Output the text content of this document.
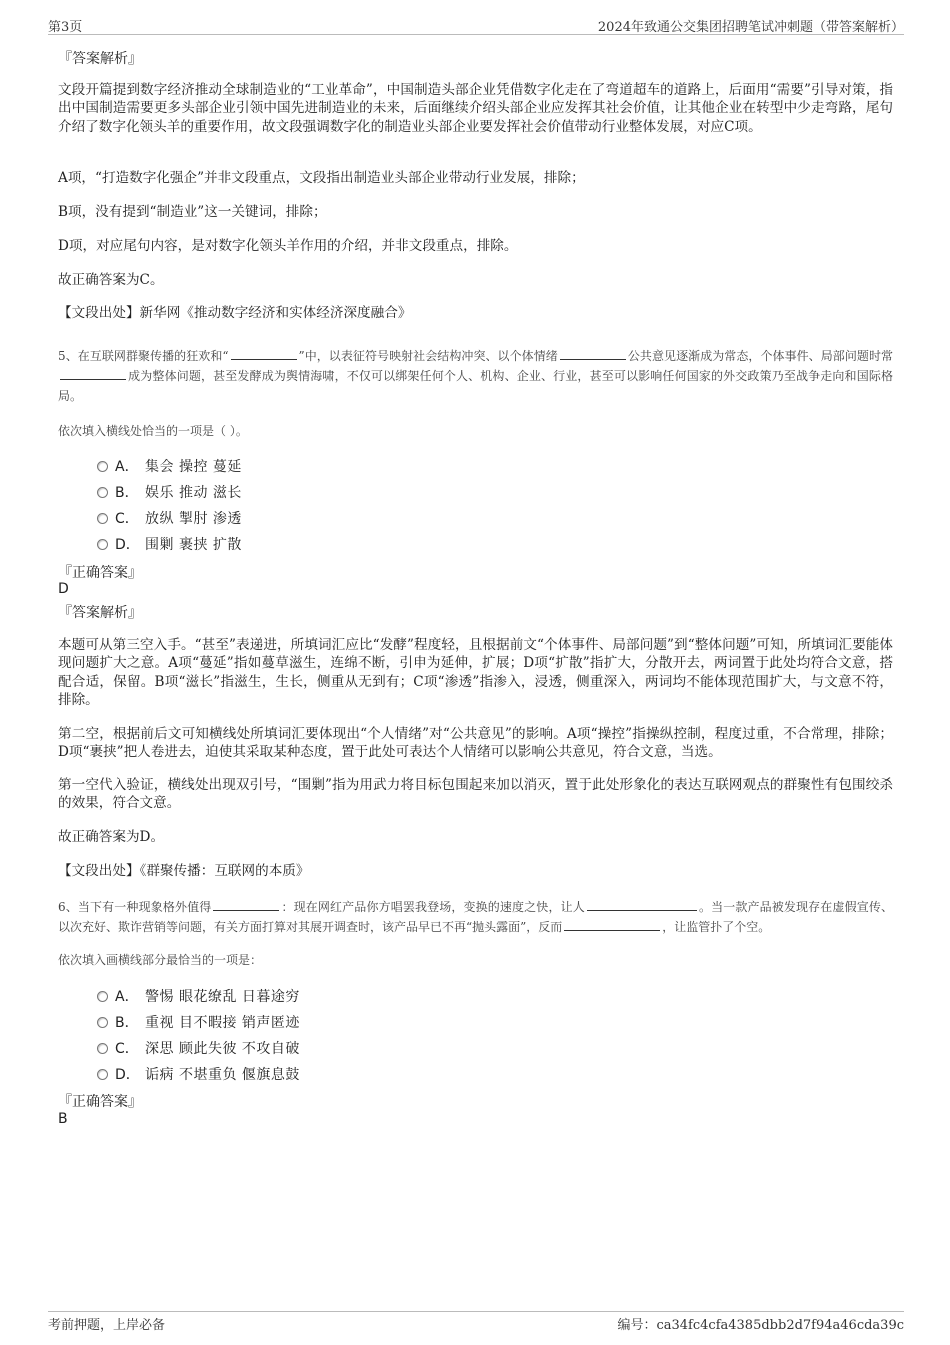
第3页	2024年致通公交集团招聘笔试冲刺题（带答案解析）
『答案解析』
文段开篇提到数字经济推动全球制造业的“工业革命”，中国制造头部企业凭借数字化走在了弯道超车的道路上，后面用“需要”引导对策，指出中国制造需要更多头部企业引领中国先进制造业的未来，后面继续介绍头部企业应发挥其社会价值，让其他企业在转型中少走弯路，尾句介绍了数字化领头羊的重要作用，故文段强调数字化的制造业头部企业要发挥社会价值带动行业整体发展，对应C项。
A项，“打造数字化强企”并非文段重点，文段指出制造业头部企业带动行业发展，排除；
B项，没有提到“制造业”这一关键词，排除；
D项，对应尾句内容，是对数字化领头羊作用的介绍，并非文段重点，排除。
故正确答案为C。
【文段出处】新华网《推动数字经济和实体经济深度融合》
5、在互联网群聚传播的狂欢和“	”中，以表征符号映射社会结构冲突、以个体情绪	公共意见逐渐成为常态，个体事件、局部问题时常成为整体问题，甚至发酵成为舆情海啸，不仅可以绑架任何个人、机构、企业、行业，甚至可以影响任何国家的外交政策乃至战争走向和国际格局。
依次填入横线处恰当的一项是（ ）。
A． 集会 操控 蔓延
B． 娱乐 推动 滋长
C． 放纵 掣肘 渗透
D． 围剿 裹挟 扩散
『正确答案』
D
『答案解析』
本题可从第三空入手。“甚至”表递进，所填词汇应比“发酵”程度轻，且根据前文“个体事件、局部问题”到“整体问题”可知，所填词汇要能体现问题扩大之意。A项“蔓延”指如蔓草滋生，连绵不断，引申为延伸，扩展；D项“扩散”指扩大，分散开去，两词置于此处均符合文意，搭配合适，保留。B项“滋长”指滋生，生长，侧重从无到有；C项“渗透”指渗入，浸透，侧重深入，两词均不能体现范围扩大，与文意不符，排除。
第二空，根据前后文可知横线处所填词汇要体现出“个人情绪”对“公共意见”的影响。A项“操控”指操纵控制，程度过重，不合常理，排除；D项“裹挟”把人卷进去，迫使其采取某种态度，置于此处可表达个人情绪可以影响公共意见，符合文意，当选。
第一空代入验证，横线处出现双引号，“围剿”指为用武力将目标包围起来加以消灭，置于此处形象化的表达互联网观点的群聚性有包围绞杀的效果，符合文意。
故正确答案为D。
【文段出处】《群聚传播：互联网的本质》
6、当下有一种现象格外值得	：现在网红产品你方唱罢我登场，变换的速度之快，让人	。当一款产品被发现存在虚假宣传、以次充好、欺诈营销等问题，有关方面打算对其展开调查时，该产品早已不再“抛头露面”，反而	，让监管扑了个空。
依次填入画横线部分最恰当的一项是：
A． 警惕 眼花缭乱 日暮途穷
B． 重视 目不暇接 销声匿迹
C． 深思 顾此失彼 不攻自破
D． 诟病 不堪重负 偃旗息鼓
『正确答案』
B
考前押题，上岸必备	编号：ca34fc4cfa4385dbb2d7f94a46cda39c
